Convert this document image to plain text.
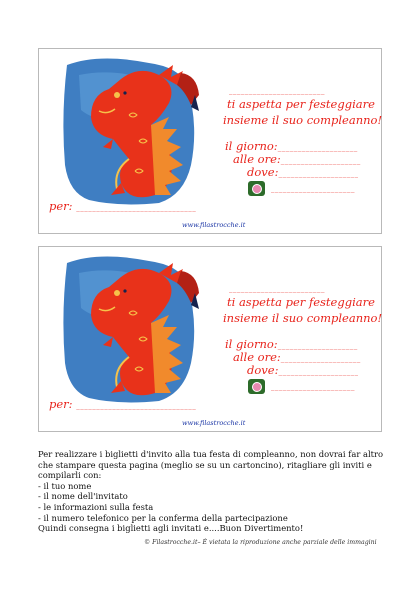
________________________
ti aspetta per festeggiare
insieme il suo compleanno!
il giorno:____________________
alle ore:____________________
dove:____________________
_____________________
per: ______________________________
www.filastrocche.it
________________________
ti aspetta per festeggiare
insieme il suo compleanno!
il giorno:____________________
alle ore:____________________
dove:____________________
_____________________
per: ______________________________
www.filastrocche.it

Per realizzare i biglietti d'invito alla tua festa di compleanno, non dovrai far altro che stampare questa pagina (meglio se su un cartoncino), ritagliare gli inviti e compilarli con:

- il tuo nome
- il nome dell'invitato
- le informazioni sulla festa
- il numero telefonico per la conferma della partecipazione

Quindi consegna i biglietti agli invitati e....Buon Divertimento!

© Filastrocche.it– È vietata la riproduzione anche parziale delle immagini
